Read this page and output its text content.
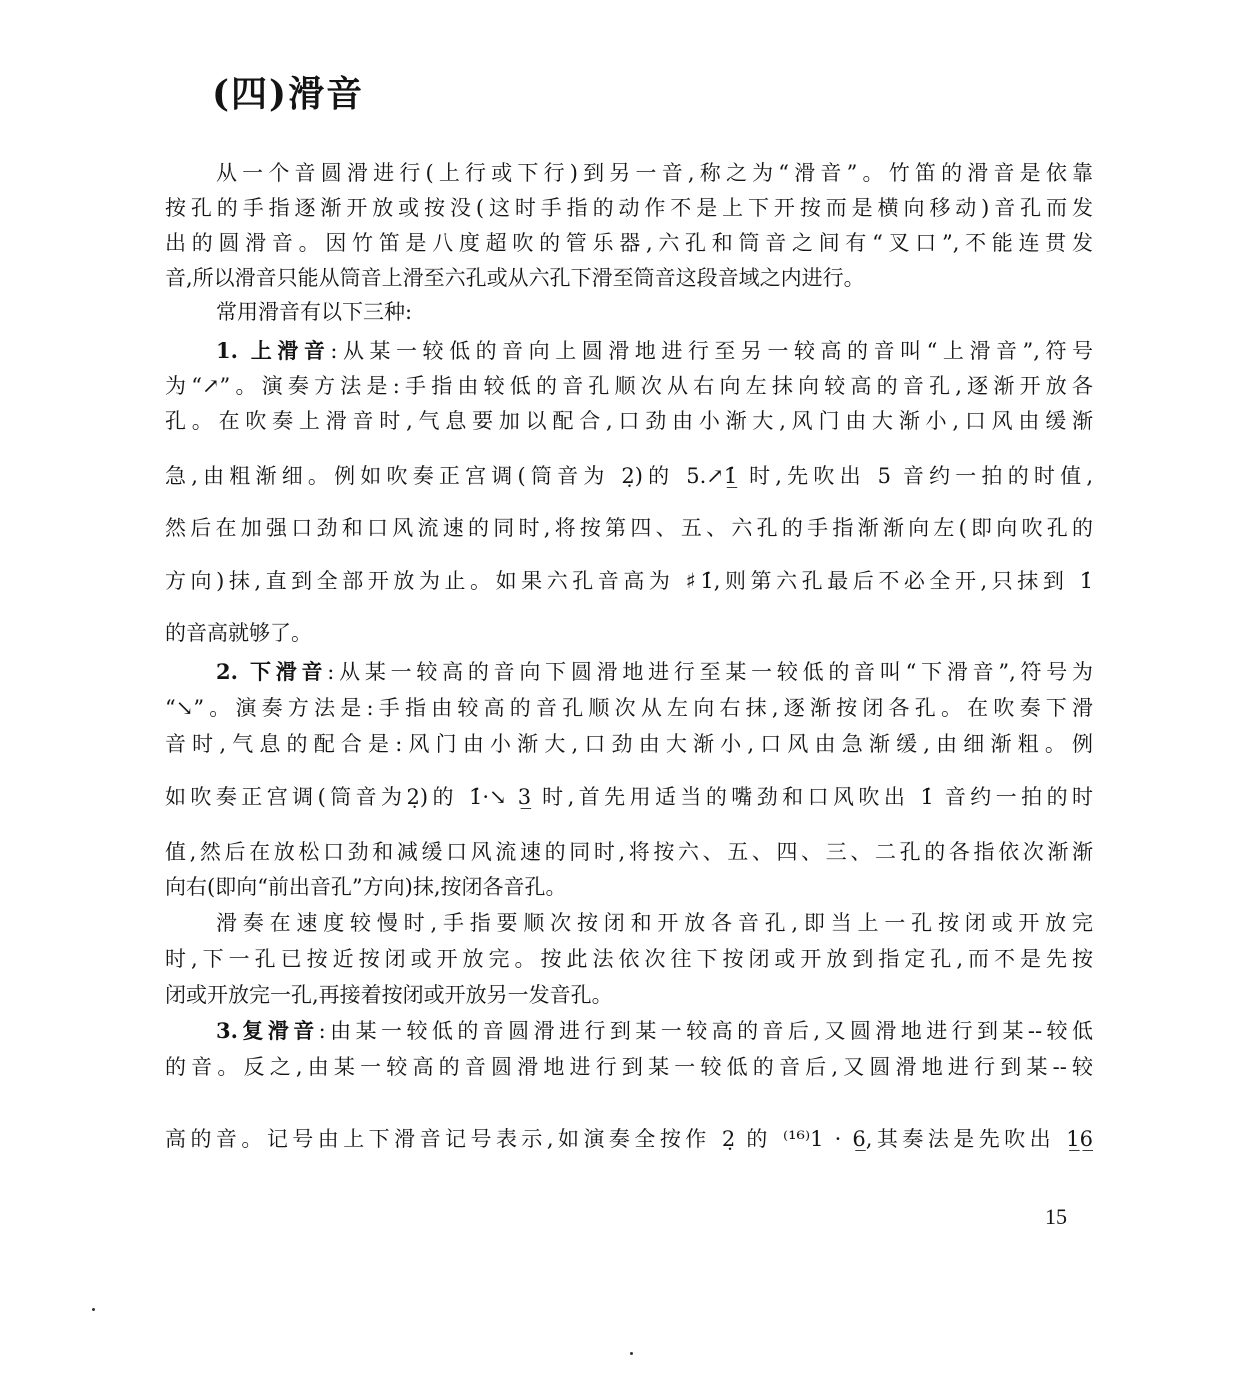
(四)滑音
从一个音圆滑进行(上行或下行)到另一音,称之为“滑音”。竹笛的滑音是依靠
按孔的手指逐渐开放或按没(这时手指的动作不是上下开按而是横向移动)音孔而发
出的圆滑音。因竹笛是八度超吹的管乐器,六孔和筒音之间有“叉口”,不能连贯发
音,所以滑音只能从筒音上滑至六孔或从六孔下滑至筒音这段音域之内进行。
常用滑音有以下三种:
1. 上滑音:从某一较低的音向上圆滑地进行至另一较高的音叫“上滑音”,符号
为“↗”。演奏方法是:手指由较低的音孔顺次从右向左抹向较高的音孔,逐渐开放各
孔。在吹奏上滑音时,气息要加以配合,口劲由小渐大,风门由大渐小,口风由缓渐
急,由粗渐细。例如吹奏正宫调(筒音为 2̣)的 5.↗1̲̇ 时,先吹出 5 音约一拍的时值,
然后在加强口劲和口风流速的同时,将按第四、五、六孔的手指渐渐向左(即向吹孔的
方向)抹,直到全部开放为止。如果六孔音高为 ♯1̇,则第六孔最后不必全开,只抹到 1̇
的音高就够了。
2. 下滑音:从某一较高的音向下圆滑地进行至某一较低的音叫“下滑音”,符号为
“↘”。演奏方法是:手指由较高的音孔顺次从左向右抹,逐渐按闭各孔。在吹奏下滑
音时,气息的配合是:风门由小渐大,口劲由大渐小,口风由急渐缓,由细渐粗。例
如吹奏正宫调(筒音为2̣)的 1̇·↘ 3̲ 时,首先用适当的嘴劲和口风吹出 1̇ 音约一拍的时
值,然后在放松口劲和减缓口风流速的同时,将按六、五、四、三、二孔的各指依次渐渐
向右(即向“前出音孔”方向)抹,按闭各音孔。
滑奏在速度较慢时,手指要顺次按闭和开放各音孔,即当上一孔按闭或开放完
时,下一孔已按近按闭或开放完。按此法依次往下按闭或开放到指定孔,而不是先按
闭或开放完一孔,再接着按闭或开放另一发音孔。
3.复滑音:由某一较低的音圆滑进行到某一较高的音后,又圆滑地进行到某--较低
的音。反之,由某一较高的音圆滑地进行到某一较低的音后,又圆滑地进行到某--较
高的音。记号由上下滑音记号表示,如演奏全按作 2̣ 的 ⁽¹⁶⁾1 · 6̲,其奏法是先吹出 1̲6̲
15
